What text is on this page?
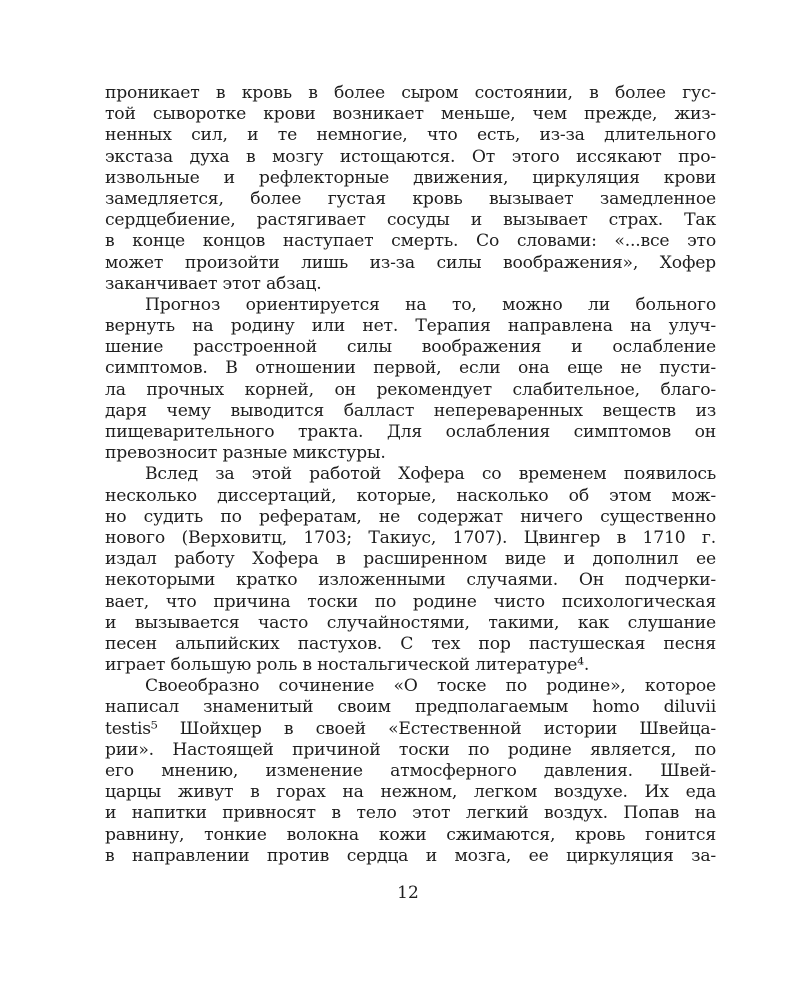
проникает в кровь в более сыром состоянии, в более гус-
той сыворотке крови возникает меньше, чем прежде, жиз-
ненных сил, и те немногие, что есть, из-за длительного
экстаза духа в мозгу истощаются. От этого иссякают про-
извольные и рефлекторные движения, циркуляция крови
замедляется, более густая кровь вызывает замедленное
сердцебиение, растягивает сосуды и вызывает страх. Так
в конце концов наступает смерть. Со словами: «...все это
может произойти лишь из-за силы воображения», Хофер
заканчивает этот абзац.
Прогноз ориентируется на то, можно ли больного
вернуть на родину или нет. Терапия направлена на улуч-
шение расстроенной силы воображения и ослабление
симптомов. В отношении первой, если она еще не пусти-
ла прочных корней, он рекомендует слабительное, благо-
даря чему выводится балласт непереваренных веществ из
пищеварительного тракта. Для ослабления симптомов он
превозносит разные микстуры.
Вслед за этой работой Хофера со временем появилось
несколько диссертаций, которые, насколько об этом мож-
но судить по рефератам, не содержат ничего существенно
нового (Верховитц, 1703; Такиус, 1707). Цвингер в 1710 г.
издал работу Хофера в расширенном виде и дополнил ее
некоторыми кратко изложенными случаями. Он подчерки-
вает, что причина тоски по родине чисто психологическая
и вызывается часто случайностями, такими, как слушание
песен альпийских пастухов. С тех пор пастушеская песня
играет большую роль в ностальгической литературе⁴.
Своеобразно сочинение «О тоске по родине», которое
написал знаменитый своим предполагаемым homo diluvii
testis⁵ Шойхцер в своей «Естественной истории Швейца-
рии». Настоящей причиной тоски по родине является, по
его мнению, изменение атмосферного давления. Швей-
царцы живут в горах на нежном, легком воздухе. Их еда
и напитки привносят в тело этот легкий воздух. Попав на
равнину, тонкие волокна кожи сжимаются, кровь гонится
в направлении против сердца и мозга, ее циркуляция за-
12
